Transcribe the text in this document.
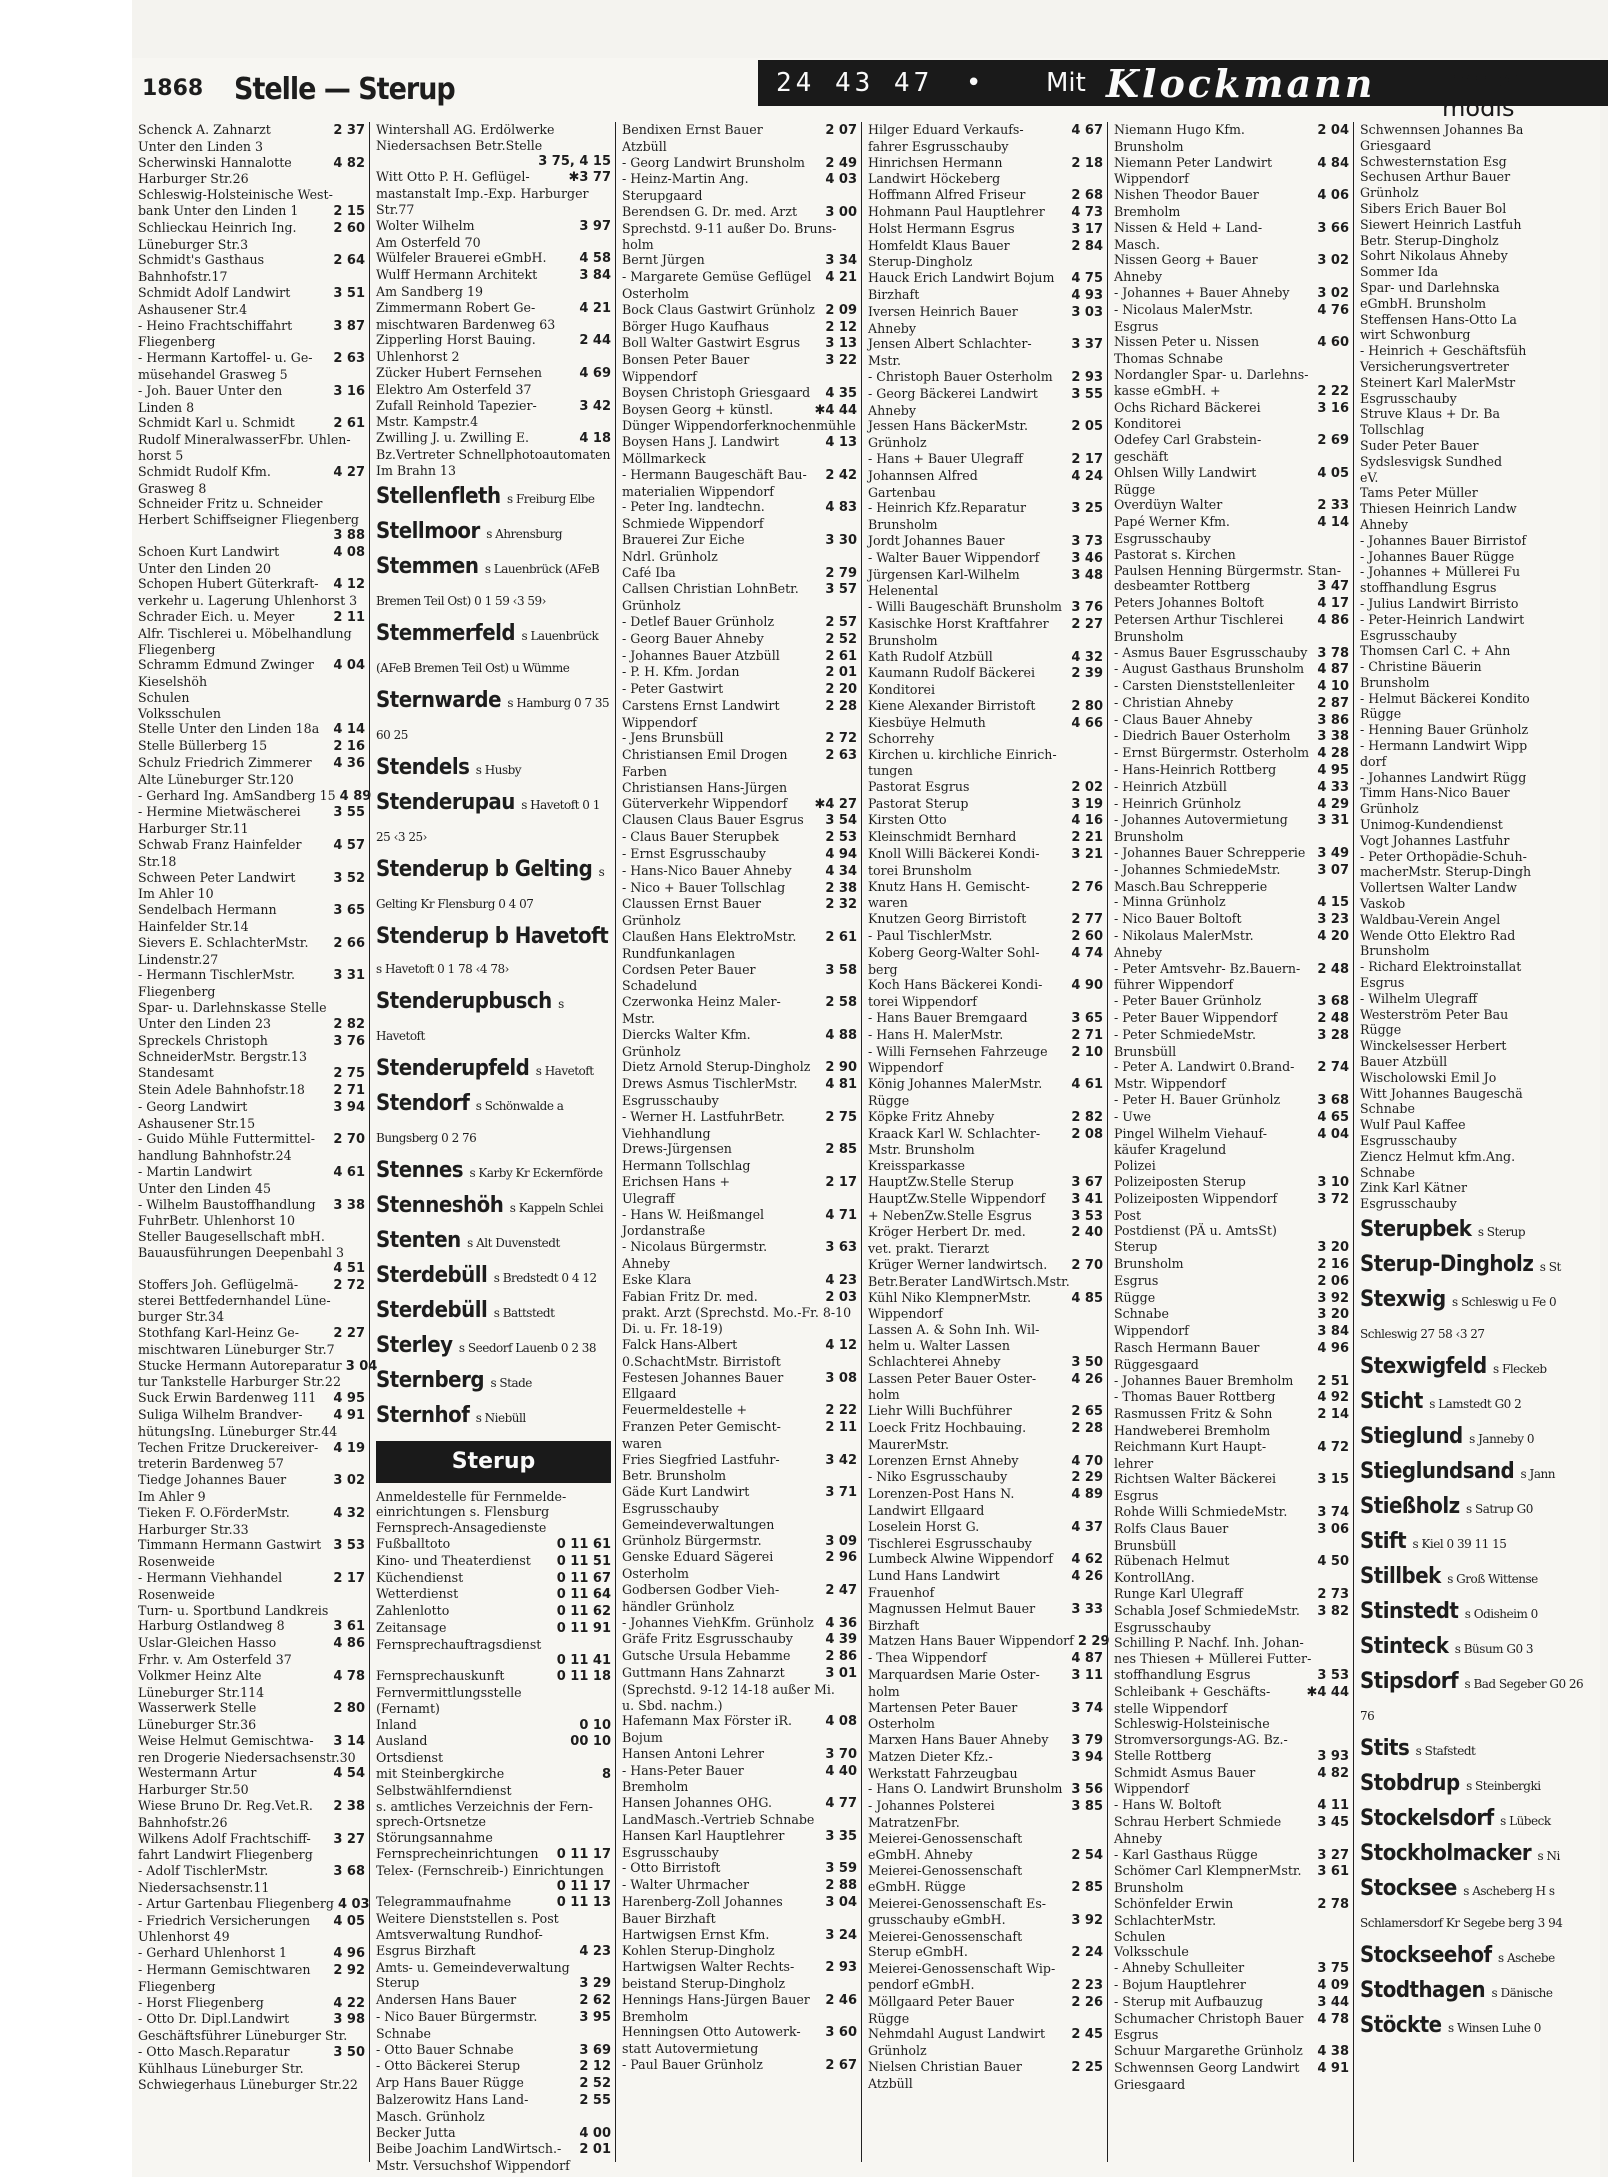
1868 Stelle — Sterup	24 43 47	•	Mit Klockmann	immer modis
Schenck A. Zahnarzt	2 37
Unter den Linden 3
Scherwinski Hannalotte	4 82
Harburger Str.26
Schleswig-Holsteinische West-
bank Unter den Linden 1	2 15
Schlieckau Heinrich Ing.	2 60
Lüneburger Str.3
Schmidt's Gasthaus	2 64
Bahnhofstr.17
Schmidt Adolf Landwirt	3 51
Ashausener Str.4
- Heino Frachtschiffahrt	3 87
Fliegenberg
- Hermann Kartoffel- u. Ge-	2 63
müsehandel Grasweg 5
- Joh. Bauer Unter den	3 16
Linden 8
Schmidt Karl u. Schmidt	2 61
Rudolf MineralwasserFbr. Uhlen-
horst 5
Schmidt Rudolf Kfm.	4 27
Grasweg 8
Schneider Fritz u. Schneider
Herbert Schiffseigner Fliegenberg
3 88
Schoen Kurt Landwirt	4 08
Unter den Linden 20
Schopen Hubert Güterkraft-	4 12
verkehr u. Lagerung Uhlenhorst 3
Schrader Eich. u. Meyer	2 11
Alfr. Tischlerei u. Möbelhandlung
Fliegenberg
Schramm Edmund Zwinger	4 04
Kieselshöh
Schulen
Volksschulen
Stelle Unter den Linden 18a	4 14
Stelle Büllerberg 15	2 16
Schulz Friedrich Zimmerer	4 36
Alte Lüneburger Str.120
- Gerhard Ing. AmSandberg 15 4 89
- Hermine Mietwäscherei	3 55
Harburger Str.11
Schwab Franz Hainfelder	4 57
Str.18
Schween Peter Landwirt	3 52
Im Ahler 10
Sendelbach Hermann	3 65
Hainfelder Str.14
Sievers E. SchlachterMstr.	2 66
Lindenstr.27
- Hermann TischlerMstr.	3 31
Fliegenberg
Spar- u. Darlehnskasse Stelle
Unter den Linden 23	2 82
Spreckels Christoph	3 76
SchneiderMstr. Bergstr.13
Standesamt	2 75
Stein Adele Bahnhofstr.18	2 71
- Georg Landwirt	3 94
Ashausener Str.15
- Guido Mühle Futtermittel-	2 70
handlung Bahnhofstr.24
- Martin Landwirt	4 61
Unter den Linden 45
- Wilhelm Baustoffhandlung	3 38
FuhrBetr. Uhlenhorst 10
Steller Baugesellschaft mbH.
Bauausführungen Deepenbahl 3
4 51
Stoffers Joh. Geflügelmä-	2 72
sterei Bettfedernhandel Lüne-
burger Str.34
Stothfang Karl-Heinz Ge-	2 27
mischtwaren Lüneburger Str.7
Stucke Hermann Autoreparatur 3 04
tur Tankstelle Harburger Str.22
Suck Erwin Bardenweg 111	4 95
Suliga Wilhelm Brandver-	4 91
hütungsIng. Lüneburger Str.44
Techen Fritze Druckereiver-	4 19
treterin Bardenweg 57
Tiedge Johannes Bauer	3 02
Im Ahler 9
Tieken F. O.FörderMstr.	4 32
Harburger Str.33
Timmann Hermann Gastwirt 3 53
Rosenweide
- Hermann Viehhandel	2 17
Rosenweide
Turn- u. Sportbund Landkreis
Harburg Ostlandweg 8	3 61
Uslar-Gleichen Hasso	4 86
Frhr. v. Am Osterfeld 37
Volkmer Heinz Alte	4 78
Lüneburger Str.114
Wasserwerk Stelle	2 80
Lüneburger Str.36
Weise Helmut Gemischtwa-	3 14
ren Drogerie Niedersachsenstr.30
Westermann Artur	4 54
Harburger Str.50
Wiese Bruno Dr. Reg.Vet.R.	2 38
Bahnhofstr.26
Wilkens Adolf Frachtschiff-	3 27
fahrt Landwirt Fliegenberg
- Adolf TischlerMstr.	3 68
Niedersachsenstr.11
- Artur Gartenbau Fliegenberg 4 03
- Friedrich Versicherungen	4 05
Uhlenhorst 49
- Gerhard Uhlenhorst 1	4 96
- Hermann Gemischtwaren	2 92
Fliegenberg
- Horst Fliegenberg	4 22
- Otto Dr. Dipl.Landwirt	3 98
Geschäftsführer Lüneburger Str.
- Otto Masch.Reparatur	3 50
Kühlhaus Lüneburger Str.
Schwiegerhaus Lüneburger Str.22
Wintershall AG. Erdölwerke
Niedersachsen Betr.Stelle
3 75, 4 15
Witt Otto P. H. Geflügel-	✱3 77
mastanstalt Imp.-Exp. Harburger
Str.77
Wolter Wilhelm	3 97
Am Osterfeld 70
Wülfeler Brauerei eGmbH.	4 58
Wulff Hermann Architekt	3 84
Am Sandberg 19
Zimmermann Robert Ge-	4 21
mischtwaren Bardenweg 63
Zipperling Horst Bauing.	2 44
Uhlenhorst 2
Zücker Hubert Fernsehen	4 69
Elektro Am Osterfeld 37
Zufall Reinhold Tapezier-	3 42
Mstr. Kampstr.4
Zwilling J. u. Zwilling E.	4 18
Bz.Vertreter Schnellphotoautomaten
Im Brahn 13
Stellenfleth s Freiburg Elbe
Stellmoor s Ahrensburg
Stemmen s Lauenbrück (AFeB Bremen Teil Ost) 0 1 59 ‹3 59›
Stemmerfeld s Lauenbrück (AFeB Bremen Teil Ost) u Wümme
Sternwarde s Hamburg 0 7 35 60 25
Stendels s Husby
Stenderupau s Havetoft 0 1 25 ‹3 25›
Stenderup b Gelting s Gelting Kr Flensburg 0 4 07
Stenderup b Havetoft s Havetoft 0 1 78 ‹4 78›
Stenderupbusch s Havetoft
Stenderupfeld s Havetoft
Stendorf s Schönwalde a Bungsberg 0 2 76
Stennes s Karby Kr Eckernförde
Stenneshöh s Kappeln Schlei
Stenten s Alt Duvenstedt
Sterdebüll s Bredstedt 0 4 12
Sterdebüll s Battstedt
Sterley s Seedorf Lauenb 0 2 38
Sternberg s Stade
Sternhof s Niebüll
Sterup
Anmeldestelle für Fernmelde-
einrichtungen s. Flensburg
Fernsprech-Ansagedienste
Fußballtoto	0 11 61
Kino- und Theaterdienst	0 11 51
Küchendienst	0 11 67
Wetterdienst	0 11 64
Zahlenlotto	0 11 62
Zeitansage	0 11 91
Fernsprechauftragsdienst
0 11 41
Fernsprechauskunft	0 11 18
Fernvermittlungsstelle
(Fernamt)
Inland	0 10
Ausland	00 10
Ortsdienst
mit Steinbergkirche	8
Selbstwählferndienst
s. amtliches Verzeichnis der Fern-
sprech-Ortsnetze
Störungsannahme
Fernsprecheinrichtungen	0 11 17
Telex- (Fernschreib-) Einrichtungen
0 11 17
Telegrammaufnahme	0 11 13
Weitere Dienststellen s. Post
Amtsverwaltung Rundhof-
Esgrus Birzhaft	4 23
Amts- u. Gemeindeverwaltung
Sterup	3 29
Andersen Hans Bauer	2 62
- Nico Bauer Bürgermstr.	3 95
Schnabe
- Otto Bauer Schnabe	3 69
- Otto Bäckerei Sterup	2 12
Arp Hans Bauer Rügge	2 52
Balzerowitz Hans Land-	2 55
Masch. Grünholz
Becker Jutta	4 00
Beibe Joachim LandWirtsch.-	2 01
Mstr. Versuchshof Wippendorf
Bendixen Ernst Bauer	2 07
Atzbüll
- Georg Landwirt Brunsholm	2 49
- Heinz-Martin Ang.	4 03
Sterupgaard
Berendsen G. Dr. med. Arzt	3 00
Sprechstd. 9-11 außer Do. Bruns-
holm
Bernt Jürgen	3 34
- Margarete Gemüse Geflügel	4 21
Osterholm
Bock Claus Gastwirt Grünholz 2 09
Börger Hugo Kaufhaus	2 12
Boll Walter Gastwirt Esgrus	3 13
Bonsen Peter Bauer	3 22
Wippendorf
Boysen Christoph Griesgaard	4 35
Boysen Georg + künstl.	✱4 44
Dünger Wippendorferknochenmühle
Boysen Hans J. Landwirt	4 13
Möllmarkeck
- Hermann Baugeschäft Bau-	2 42
materialien Wippendorf
- Peter Ing. landtechn.	4 83
Schmiede Wippendorf
Brauerei Zur Eiche	3 30
Ndrl. Grünholz
Café Iba	2 79
Callsen Christian LohnBetr.	3 57
Grünholz
- Detlef Bauer Grünholz	2 57
- Georg Bauer Ahneby	2 52
- Johannes Bauer Atzbüll	2 61
- P. H. Kfm. Jordan	2 01
- Peter Gastwirt	2 20
Carstens Ernst Landwirt	2 28
Wippendorf
- Jens Brunsbüll	2 72
Christiansen Emil Drogen	2 63
Farben
Christiansen Hans-Jürgen
Güterverkehr Wippendorf	✱4 27
Clausen Claus Bauer Esgrus	3 54
- Claus Bauer Sterupbek	2 53
- Ernst Esgrusschauby	4 94
- Hans-Nico Bauer Ahneby	4 34
- Nico + Bauer Tollschlag	2 38
Claussen Ernst Bauer	2 32
Grünholz
Claußen Hans ElektroMstr.	2 61
Rundfunkanlagen
Cordsen Peter Bauer	3 58
Schadelund
Czerwonka Heinz Maler-	2 58
Mstr.
Diercks Walter Kfm.	4 88
Grünholz
Dietz Arnold Sterup-Dingholz	2 90
Drews Asmus TischlerMstr.	4 81
Esgrusschauby
- Werner H. LastfuhrBetr.	2 75
Viehhandlung
Drews-Jürgensen	2 85
Hermann Tollschlag
Erichsen Hans +	2 17
Ulegraff
- Hans W. Heißmangel	4 71
Jordanstraße
- Nicolaus Bürgermstr.	3 63
Ahneby
Eske Klara	4 23
Fabian Fritz Dr. med.	2 03
prakt. Arzt (Sprechstd. Mo.-Fr. 8-10
Di. u. Fr. 18-19)
Falck Hans-Albert	4 12
0.SchachtMstr. Birristoft
Festesen Johannes Bauer	3 08
Ellgaard
Feuermeldestelle +	2 22
Franzen Peter Gemischt-	2 11
waren
Fries Siegfried Lastfuhr-	3 42
Betr. Brunsholm
Gäde Kurt Landwirt	3 71
Esgrusschauby
Gemeindeverwaltungen
Grünholz Bürgermstr.	3 09
Genske Eduard Sägerei	2 96
Osterholm
Godbersen Godber Vieh-	2 47
händler Grünholz
- Johannes ViehKfm. Grünholz 4 36
Gräfe Fritz Esgrusschauby	4 39
Gutsche Ursula Hebamme	2 86
Guttmann Hans Zahnarzt	3 01
(Sprechstd. 9-12 14-18 außer Mi.
u. Sbd. nachm.)
Hafemann Max Förster iR.	4 08
Bojum
Hansen Antoni Lehrer	3 70
- Hans-Peter Bauer	4 40
Bremholm
Hansen Johannes OHG.	4 77
LandMasch.-Vertrieb Schnabe
Hansen Karl Hauptlehrer	3 35
Esgrusschauby
- Otto Birristoft	3 59
- Walter Uhrmacher	2 88
Harenberg-Zoll Johannes	3 04
Bauer Birzhaft
Hartwigsen Ernst Kfm.	3 24
Kohlen Sterup-Dingholz
Hartwigsen Walter Rechts-	2 93
beistand Sterup-Dingholz
Hennings Hans-Jürgen Bauer	2 46
Bremholm
Henningsen Otto Autowerk-	3 60
statt Autovermietung
- Paul Bauer Grünholz	2 67
Hilger Eduard Verkaufs-	4 67
fahrer Esgrusschauby
Hinrichsen Hermann	2 18
Landwirt Höckeberg
Hoffmann Alfred Friseur	2 68
Hohmann Paul Hauptlehrer	4 73
Holst Hermann Esgrus	3 17
Homfeldt Klaus Bauer	2 84
Sterup-Dingholz
Hauck Erich Landwirt Bojum	4 75
Birzhaft	4 93
Iversen Heinrich Bauer	3 03
Ahneby
Jensen Albert Schlachter-	3 37
Mstr.
- Christoph Bauer Osterholm	2 93
- Georg Bäckerei Landwirt	3 55
Ahneby
Jessen Hans BäckerMstr.	2 05
Grünholz
- Hans + Bauer Ulegraff	2 17
Johannsen Alfred	4 24
Gartenbau
- Heinrich Kfz.Reparatur	3 25
Brunsholm
Jordt Johannes Bauer	3 73
- Walter Bauer Wippendorf	3 46
Jürgensen Karl-Wilhelm	3 48
Helenental
- Willi Baugeschäft Brunsholm 3 76
Kasischke Horst Kraftfahrer	2 27
Brunsholm
Kath Rudolf Atzbüll	4 32
Kaumann Rudolf Bäckerei	2 39
Konditorei
Kiene Alexander Birristoft	2 80
Kiesbüye Helmuth	4 66
Schorrehy
Kirchen u. kirchliche Einrich-
tungen
Pastorat Esgrus	2 02
Pastorat Sterup	3 19
Kirsten Otto	4 16
Kleinschmidt Bernhard	2 21
Knoll Willi Bäckerei Kondi-	3 21
torei Brunsholm
Knutz Hans H. Gemischt-	2 76
waren
Knutzen Georg Birristoft	2 77
- Paul TischlerMstr.	2 60
Koberg Georg-Walter Sohl-	4 74
berg
Koch Hans Bäckerei Kondi-	4 90
torei Wippendorf
- Hans Bauer Bremgaard	3 65
- Hans H. MalerMstr.	2 71
- Willi Fernsehen Fahrzeuge	2 10
Wippendorf
König Johannes MalerMstr.	4 61
Rügge
Köpke Fritz Ahneby	2 82
Kraack Karl W. Schlachter-	2 08
Mstr. Brunsholm
Kreissparkasse
HauptZw.Stelle Sterup	3 67
HauptZw.Stelle Wippendorf	3 41
+ NebenZw.Stelle Esgrus	3 53
Kröger Herbert Dr. med.	2 40
vet. prakt. Tierarzt
Krüger Werner landwirtsch.	2 70
Betr.Berater LandWirtsch.Mstr.
Kühl Niko KlempnerMstr.	4 85
Wippendorf
Lassen A. & Sohn Inh. Wil-
helm u. Walter Lassen
Schlachterei Ahneby	3 50
Lassen Peter Bauer Oster-	4 26
holm
Liehr Willi Buchführer	2 65
Loeck Fritz Hochbauing.	2 28
MaurerMstr.
Lorenzen Ernst Ahneby	4 70
- Niko Esgrusschauby	2 29
Lorenzen-Post Hans N.	4 89
Landwirt Ellgaard
Loselein Horst G.	4 37
Tischlerei Esgrusschauby
Lumbeck Alwine Wippendorf	4 62
Lund Hans Landwirt	4 26
Frauenhof
Magnussen Helmut Bauer	3 33
Birzhaft
Matzen Hans Bauer Wippendorf 2 29
- Thea Wippendorf	4 87
Marquardsen Marie Oster-	3 11
holm
Martensen Peter Bauer	3 74
Osterholm
Marxen Hans Bauer Ahneby	3 79
Matzen Dieter Kfz.-	3 94
Werkstatt Fahrzeugbau
- Hans O. Landwirt Brunsholm 3 56
- Johannes Polsterei	3 85
MatratzenFbr.
Meierei-Genossenschaft
eGmbH. Ahneby	2 54
Meierei-Genossenschaft
eGmbH. Rügge	2 85
Meierei-Genossenschaft Es-
grusschauby eGmbH.	3 92
Meierei-Genossenschaft
Sterup eGmbH.	2 24
Meierei-Genossenschaft Wip-
pendorf eGmbH.	2 23
Möllgaard Peter Bauer	2 26
Rügge
Nehmdahl August Landwirt	2 45
Grünholz
Nielsen Christian Bauer	2 25
Atzbüll
Niemann Hugo Kfm.	2 04
Brunsholm
Niemann Peter Landwirt	4 84
Wippendorf
Nishen Theodor Bauer	4 06
Bremholm
Nissen & Held + Land-	3 66
Masch.
Nissen Georg + Bauer	3 02
Ahneby
- Johannes + Bauer Ahneby	3 02
- Nicolaus MalerMstr.	4 76
Esgrus
Nissen Peter u. Nissen	4 60
Thomas Schnabe
Nordangler Spar- u. Darlehns-
kasse eGmbH. +	2 22
Ochs Richard Bäckerei	3 16
Konditorei
Odefey Carl Grabstein-	2 69
geschäft
Ohlsen Willy Landwirt	4 05
Rügge
Overdüyn Walter	2 33
Papé Werner Kfm.	4 14
Esgrusschauby
Pastorat s. Kirchen
Paulsen Henning Bürgermstr. Stan-
desbeamter Rottberg	3 47
Peters Johannes Boltoft	4 17
Petersen Arthur Tischlerei	4 86
Brunsholm
- Asmus Bauer Esgrusschauby 3 78
- August Gasthaus Brunsholm	4 87
- Carsten Dienststellenleiter	4 10
- Christian Ahneby	2 87
- Claus Bauer Ahneby	3 86
- Diedrich Bauer Osterholm	3 38
- Ernst Bürgermstr. Osterholm 4 28
- Hans-Heinrich Rottberg	4 95
- Heinrich Atzbüll	4 33
- Heinrich Grünholz	4 29
- Johannes Autovermietung	3 31
Brunsholm
- Johannes Bauer Schrepperie 3 49
- Johannes SchmiedeMstr.	3 07
Masch.Bau Schrepperie
- Minna Grünholz	4 15
- Nico Bauer Boltoft	3 23
- Nikolaus MalerMstr.	4 20
Ahneby
- Peter Amtsvehr- Bz.Bauern-	2 48
führer Wippendorf
- Peter Bauer Grünholz	3 68
- Peter Bauer Wippendorf	2 48
- Peter SchmiedeMstr.	3 28
Brunsbüll
- Peter A. Landwirt 0.Brand-	2 74
Mstr. Wippendorf
- Peter H. Bauer Grünholz	3 68
- Uwe	4 65
Pingel Wilhelm Viehauf-	4 04
käufer Kragelund
Polizei
Polizeiposten Sterup	3 10
Polizeiposten Wippendorf	3 72
Post
Postdienst (PÄ u. AmtsSt)
Sterup	3 20
Brunsholm	2 16
Esgrus	2 06
Rügge	3 92
Schnabe	3 20
Wippendorf	3 84
Rasch Hermann Bauer	4 96
Rüggesgaard
- Johannes Bauer Bremholm	2 51
- Thomas Bauer Rottberg	4 92
Rasmussen Fritz & Sohn	2 14
Handweberei Bremholm
Reichmann Kurt Haupt-	4 72
lehrer
Richtsen Walter Bäckerei	3 15
Esgrus
Rohde Willi SchmiedeMstr.	3 74
Rolfs Claus Bauer	3 06
Brunsbüll
Rübenach Helmut	4 50
KontrollAng.
Runge Karl Ulegraff	2 73
Schabla Josef SchmiedeMstr.	3 82
Esgrusschauby
Schilling P. Nachf. Inh. Johan-
nes Thiesen + Müllerei Futter-
stoffhandlung Esgrus	3 53
Schleibank + Geschäfts-	✱4 44
stelle Wippendorf
Schleswig-Holsteinische
Stromversorgungs-AG. Bz.-
Stelle Rottberg	3 93
Schmidt Asmus Bauer	4 82
Wippendorf
- Hans W. Boltoft	4 11
Schrau Herbert Schmiede	3 45
Ahneby
- Karl Gasthaus Rügge	3 27
Schömer Carl KlempnerMstr.	3 61
Brunsholm
Schönfelder Erwin	2 78
SchlachterMstr.
Schulen
Volksschule
- Ahneby Schulleiter	3 75
- Bojum Hauptlehrer	4 09
- Sterup mit Aufbauzug	3 44
Schumacher Christoph Bauer	4 78
Esgrus
Schuur Margarethe Grünholz	4 38
Schwennsen Georg Landwirt	4 91
Griesgaard
Schwennsen Johannes Ba
Griesgaard
Schwesternstation Esg
Sechusen Arthur Bauer
Grünholz
Sibers Erich Bauer Bol
Siewert Heinrich Lastfuh
Betr. Sterup-Dingholz
Sohrt Nikolaus Ahneby
Sommer Ida
Spar- und Darlehnska
eGmbH. Brunsholm
Steffensen Hans-Otto La
wirt Schwonburg
- Heinrich + Geschäftsfüh
Versicherungsvertreter
Steinert Karl MalerMstr
Esgrusschauby
Struve Klaus + Dr. Ba
Tollschlag
Suder Peter Bauer
Sydslesvigsk Sundhed
eV.
Tams Peter Müller
Thiesen Heinrich Landw
Ahneby
- Johannes Bauer Birristof
- Johannes Bauer Rügge
- Johannes + Müllerei Fu
stoffhandlung Esgrus
- Julius Landwirt Birristo
- Peter-Heinrich Landwirt
Esgrusschauby
Thomsen Carl C. + Ahn
- Christine Bäuerin
Brunsholm
- Helmut Bäckerei Kondito
Rügge
- Henning Bauer Grünholz
- Hermann Landwirt Wipp
dorf
- Johannes Landwirt Rügg
Timm Hans-Nico Bauer
Grünholz
Unimog-Kundendienst
Vogt Johannes Lastfuhr
- Peter Orthopädie-Schuh-
macherMstr. Sterup-Dingh
Vollertsen Walter Landw
Vaskob
Waldbau-Verein Angel
Wende Otto Elektro Rad
Brunsholm
- Richard Elektroinstallat
Esgrus
- Wilhelm Ulegraff
Westerström Peter Bau
Rügge
Winckelsesser Herbert
Bauer Atzbüll
Wischolowski Emil Jo
Witt Johannes Baugeschä
Schnabe
Wulf Paul Kaffee
Esgrusschauby
Ziencz Helmut kfm.Ang.
Schnabe
Zink Karl Kätner
Esgrusschauby
Sterupbek s Sterup
Sterup-Dingholz s St
Stexwig s Schleswig u Fe 0 Schleswig 27 58 ‹3 27
Stexwigfeld s Fleckeb
Sticht s Lamstedt G0 2
Stieglund s Janneby 0
Stieglundsand s Jann
Stießholz s Satrup G0
Stift s Kiel 0 39 11 15
Stillbek s Groß Wittense
Stinstedt s Odisheim 0
Stinteck s Büsum G0 3
Stipsdorf s Bad Segeber G0 26 76
Stits s Stafstedt
Stobdrup s Steinbergki
Stockelsdorf s Lübeck
Stockholmacker s Ni
Stocksee s Ascheberg H s Schlamersdorf Kr Segebe berg 3 94
Stockseehof s Aschebe
Stodthagen s Dänische
Stöckte s Winsen Luhe 0
